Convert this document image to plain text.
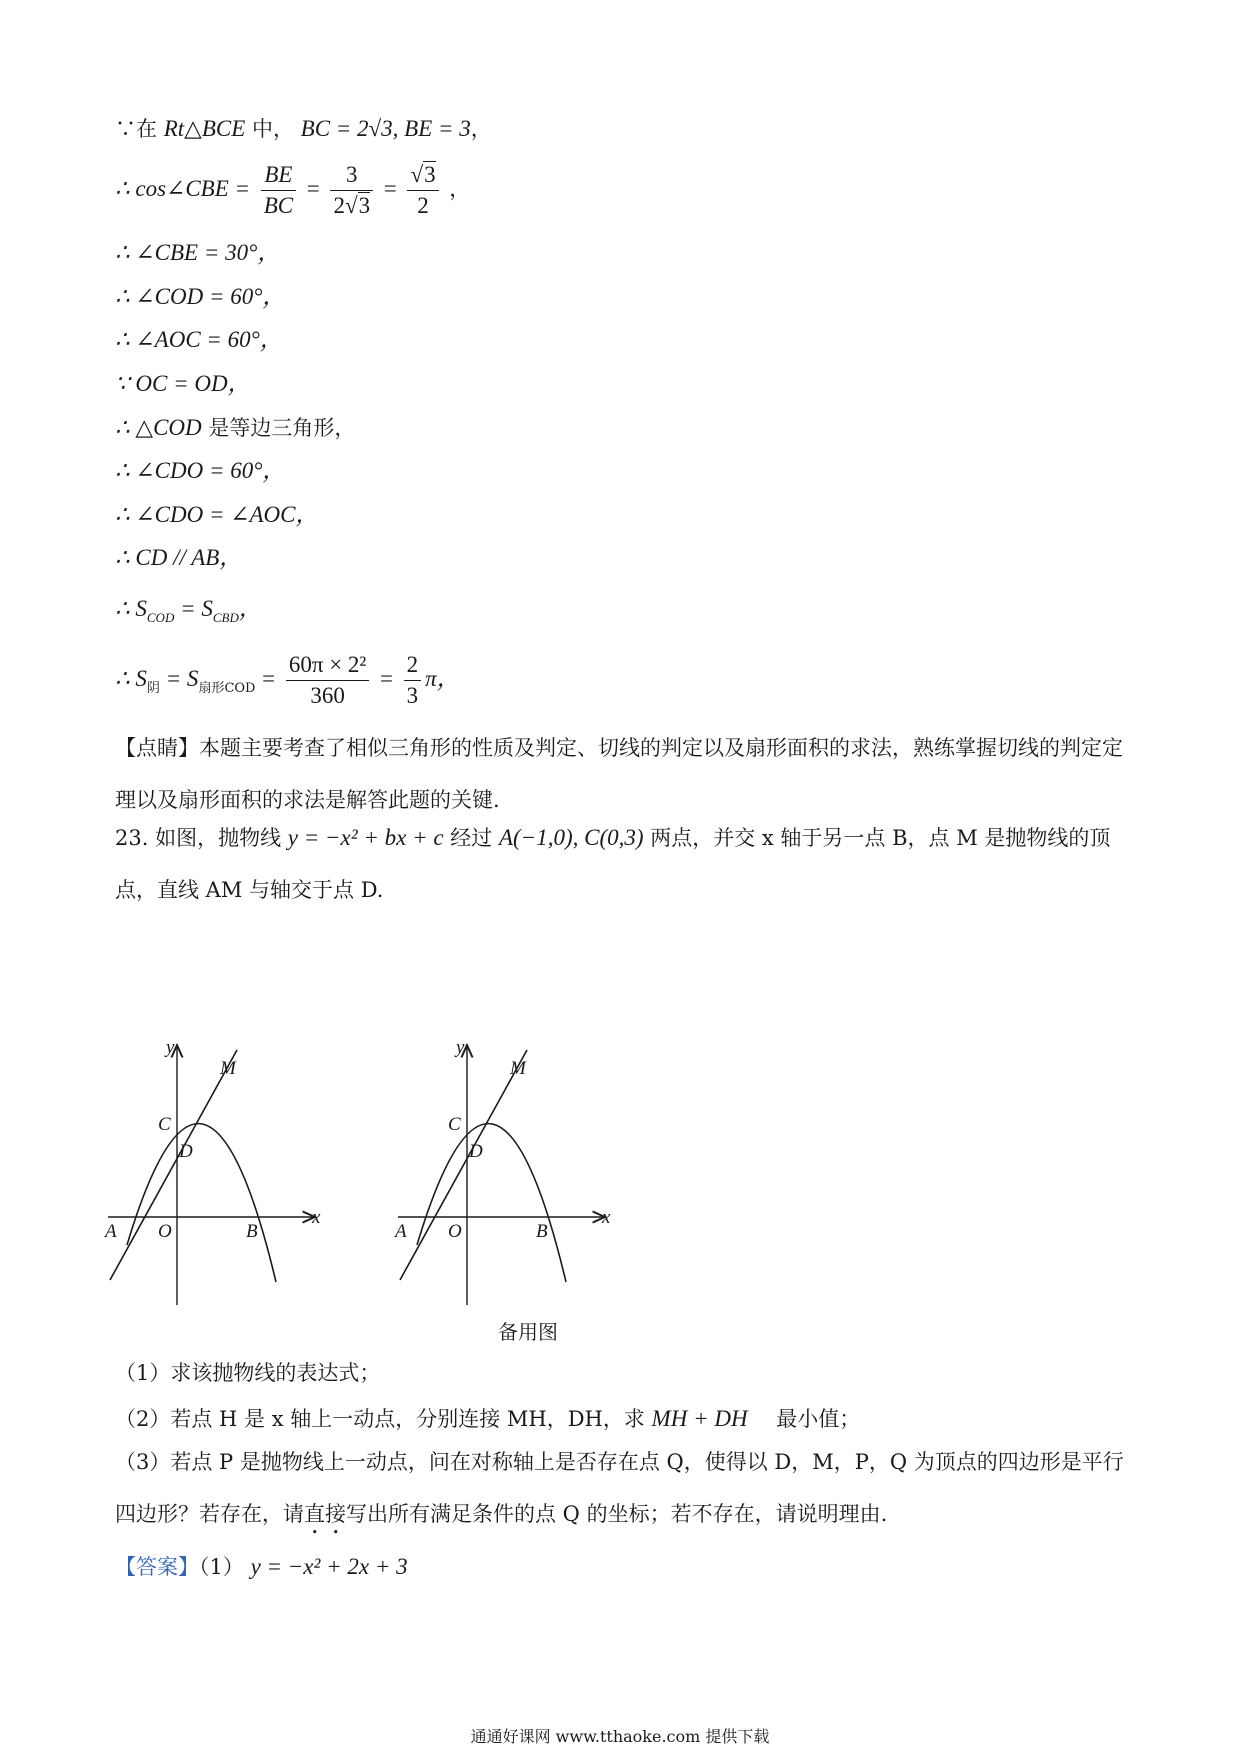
∵在 Rt△BCE 中， BC = 2√3, BE = 3，
∴ cos∠CBE = $\frac{BE}{BC} = \frac{3}{2√3} = \frac{√3}{2}$ ，
∴ ∠CBE = 30°，
∴ ∠COD = 60°，
∴ ∠AOC = 60°，
∵ OC = OD，
∴ △COD 是等边三角形，
∴ ∠CDO = 60°，
∴ ∠CDO = ∠AOC，
∴ CD // AB，
∴ $S_{COD} = S_{CBD}$，
∴ $S_阴 = S_{扇形COD} = \frac{\text{60π × 2²}}{360} = \frac{2}{3}$ π，
【点睛】本题主要考查了相似三角形的性质及判定、切线的判定以及扇形面积的求法，熟练掌握切线的判定定理以及扇形面积的求法是解答此题的关键.
23. 如图，抛物线 y = −x² + bx + c 经过 A(−1,0), C(0,3) 两点，并交 x 轴于另一点 B，点 M 是抛物线的顶点，直线 AM 与轴交于点 D.
y
x
O
A	B
C
D
M
y
x
O
A	B
C
D
M
备用图
（1）求该抛物线的表达式；
（2）若点 H 是 x 轴上一动点，分别连接 MH，DH，求 MH + DH 最小值；
（3）若点 P 是抛物线上一动点，问在对称轴上是否存在点 Q，使得以 D，M，P，Q 为顶点的四边形是平行四边形？若存在，请直接写出所有满足条件的点 Q 的坐标；若不存在，请说明理由.
【答案】（1） y = −x² + 2x + 3
通通好课网 www.tthaoke.com 提供下载
